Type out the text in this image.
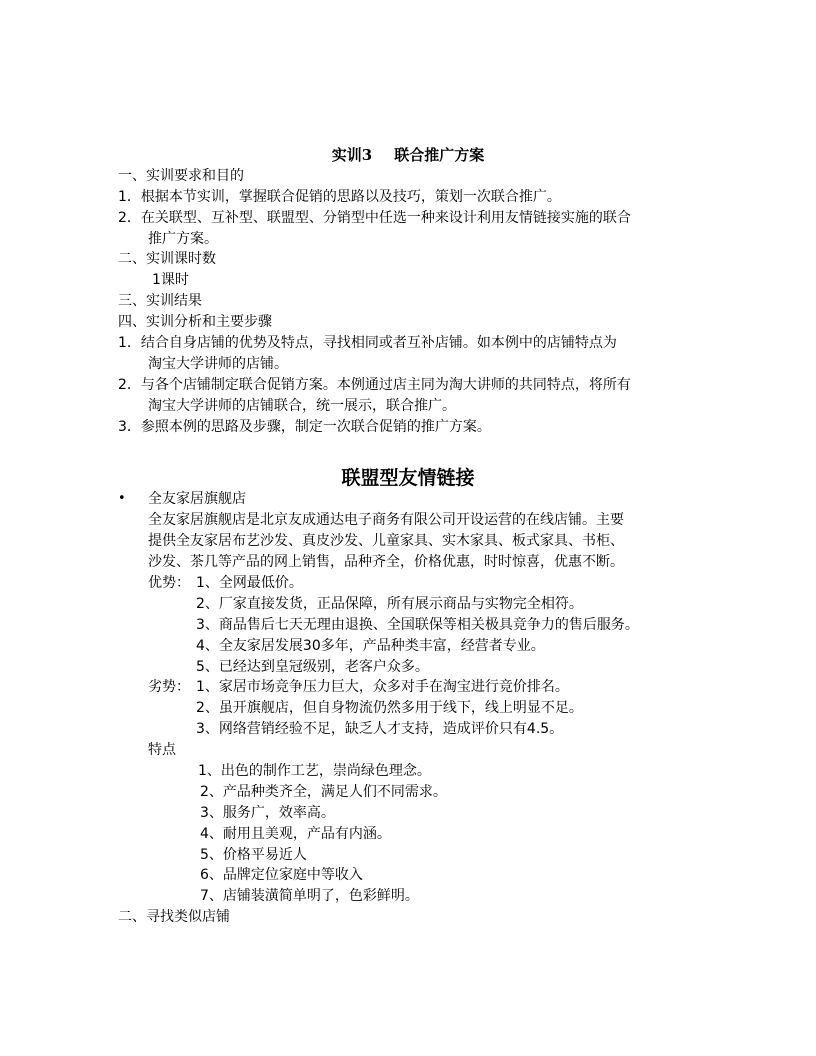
实训3 联合推广方案
一、实训要求和目的
1．根据本节实训，掌握联合促销的思路以及技巧，策划一次联合推广。
2．在关联型、互补型、联盟型、分销型中任选一种来设计利用友情链接实施的联合
推广方案。
二、实训课时数
1课时
三、实训结果
四、实训分析和主要步骤
1．结合自身店铺的优势及特点，寻找相同或者互补店铺。如本例中的店铺特点为
淘宝大学讲师的店铺。
2．与各个店铺制定联合促销方案。本例通过店主同为淘大讲师的共同特点，将所有
淘宝大学讲师的店铺联合，统一展示，联合推广。
3．参照本例的思路及步骤，制定一次联合促销的推广方案。
联盟型友情链接
• 全友家居旗舰店
全友家居旗舰店是北京友成通达电子商务有限公司开设运营的在线店铺。主要
提供全友家居布艺沙发、真皮沙发、儿童家具、实木家具、板式家具、书柜、
沙发、茶几等产品的网上销售，品种齐全，价格优惠，时时惊喜，优惠不断。
优势： 1、全网最低价。
2、厂家直接发货，正品保障，所有展示商品与实物完全相符。
3、商品售后七天无理由退换、全国联保等相关极具竞争力的售后服务。
4、全友家居发展30多年，产品种类丰富，经营者专业。
5、已经达到皇冠级别，老客户众多。
劣势： 1、家居市场竞争压力巨大，众多对手在淘宝进行竞价排名。
2、虽开旗舰店，但自身物流仍然多用于线下，线上明显不足。
3、网络营销经验不足，缺乏人才支持，造成评价只有4.5。
特点
1、出色的制作工艺，崇尚绿色理念。
2、产品种类齐全，满足人们不同需求。
3、服务广，效率高。
4、耐用且美观，产品有内涵。
5、价格平易近人
6、品牌定位家庭中等收入
7、店铺装潢简单明了，色彩鲜明。
二、寻找类似店铺
